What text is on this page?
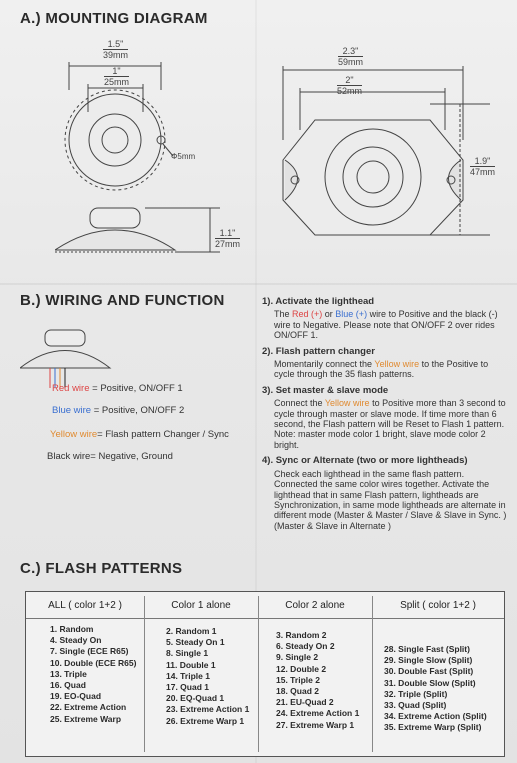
A.) MOUNTING DIAGRAM
1.5"
39mm
1"
25mm
Φ5mm
1.1"
27mm
2.3"
59mm
2"
52mm
1.9"
47mm
B.) WIRING AND FUNCTION
Red wire = Positive, ON/OFF 1
Blue wire = Positive, ON/OFF 2
Yellow wire= Flash pattern Changer / Sync
Black wire= Negative, Ground
1). Activate the lighthead
The Red (+) or Blue (+) wire to Positive and the black (-) wire to Negative. Please note that ON/OFF 2 over rides ON/OFF 1.
2). Flash pattern changer
Momentarily connect the Yellow wire to the Positive to cycle through the 35 flash patterns.
3). Set master & slave mode
Connect the Yellow wire to Positive more than 3 second to cycle through master or slave mode. If time more than 6 second, the Flash pattern will be Reset to Flash 1 pattern. Note: master mode color 1 bright, slave mode color 2 bright.
4). Sync or Alternate (two or more lightheads)
Check each lighthead in the same flash pattern. Connected the same color wires together. Activate the lighthead that in same Flash pattern, lightheads are Synchronization, in same mode lightheads are alternate in different mode (Master & Master / Slave & Slave in Sync. ) (Master & Slave in Alternate )
C.) FLASH PATTERNS
ALL ( color 1+2 )
1. Random
4. Steady On
7. Single (ECE R65)
10. Double (ECE R65)
13. Triple
16. Quad
19. EO-Quad
22. Extreme Action
25. Extreme Warp
Color 1 alone
2. Random 1
5. Steady On 1
8. Single 1
11. Double 1
14. Triple 1
17. Quad 1
20. EQ-Quad 1
23. Extreme Action 1
26. Extreme Warp 1
Color 2 alone
3. Random 2
6. Steady On 2
9. Single 2
12. Double 2
15. Triple 2
18. Quad 2
21. EU-Quad 2
24. Extreme Action 1
27. Extreme Warp 1
Split ( color 1+2 )
28. Single Fast (Split)
29. Single Slow (Split)
30. Double Fast (Split)
31. Double Slow (Split)
32. Triple (Split)
33. Quad (Split)
34. Extreme Action (Split)
35. Extreme Warp (Split)
